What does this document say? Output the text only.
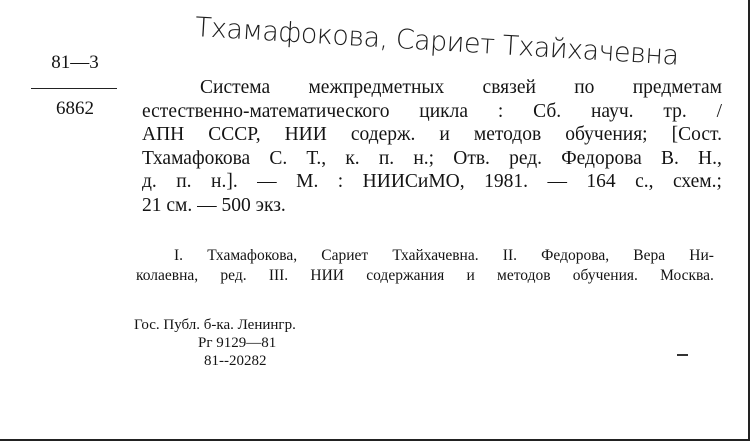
Тхамафокова, Сариет Тхайхачевна
81—3
6862
Система межпредметных связей по предметам
естественно-математического цикла : Сб. науч. тр. /
АПН СССР, НИИ содерж. и методов обучения; [Сост.
Тхамафокова С. Т., к. п. н.; Отв. ред. Федорова В. Н.,
д. п. н.]. — М. : НИИСиМО, 1981. — 164 с., схем.;
21 см. — 500 экз.
I. Тхамафокова, Сариет Тхайхачевна. II. Федорова, Вера Ни-
колаевна, ред. III. НИИ содержания и методов обучения. Москва.
Гос. Публ. б-ка. Ленингр.
Рг 9129—81
81--20282
